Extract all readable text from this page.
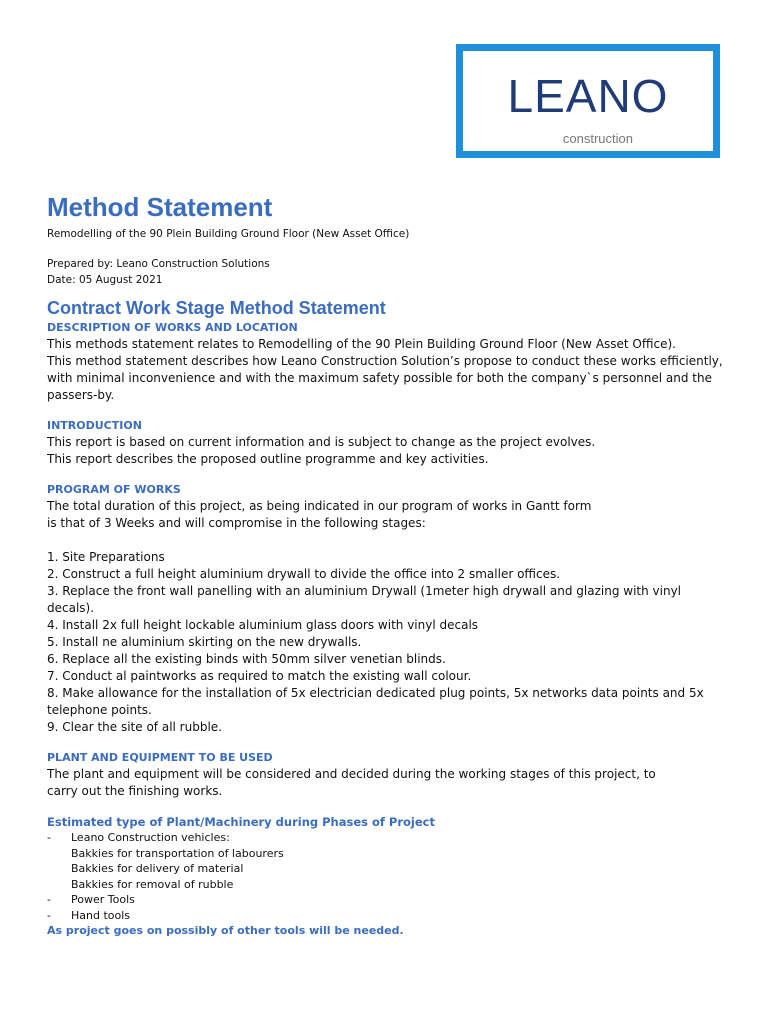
LEANO
construction
Method Statement
Remodelling of the 90 Plein Building Ground Floor (New Asset Office)
Prepared by: Leano Construction Solutions
Date: 05 August 2021
Contract Work Stage Method Statement
DESCRIPTION OF WORKS AND LOCATION

This methods statement relates to Remodelling of the 90 Plein Building Ground Floor (New Asset Office).

This method statement describes how Leano Construction Solution’s propose to conduct these works efficiently, with minimal inconvenience and with the maximum safety possible for both the company`s personnel and the passers-by.

INTRODUCTION

This report is based on current information and is subject to change as the project evolves.

This report describes the proposed outline programme and key activities.

PROGRAM OF WORKS

The total duration of this project, as being indicated in our program of works in Gantt form

is that of 3 Weeks and will compromise in the following stages:

1. Site Preparations
2. Construct a full height aluminium drywall to divide the office into 2 smaller offices.
3. Replace the front wall panelling with an aluminium Drywall (1meter high drywall and glazing with vinyl decals).
4. Install 2x full height lockable aluminium glass doors with vinyl decals
5. Install ne aluminium skirting on the new drywalls.
6. Replace all the existing binds with 50mm silver venetian blinds.
7. Conduct al paintworks as required to match the existing wall colour.
8. Make allowance for the installation of 5x electrician dedicated plug points, 5x networks data points and 5x telephone points.
9. Clear the site of all rubble.
PLANT AND EQUIPMENT TO BE USED

The plant and equipment will be considered and decided during the working stages of this project, to

carry out the finishing works.

Estimated type of Plant/Machinery during Phases of Project
-	Leano Construction vehicles:
Bakkies for transportation of labourers
Bakkies for delivery of material
Bakkies for removal of rubble
-	Power Tools
-	Hand tools
As project goes on possibly of other tools will be needed.
